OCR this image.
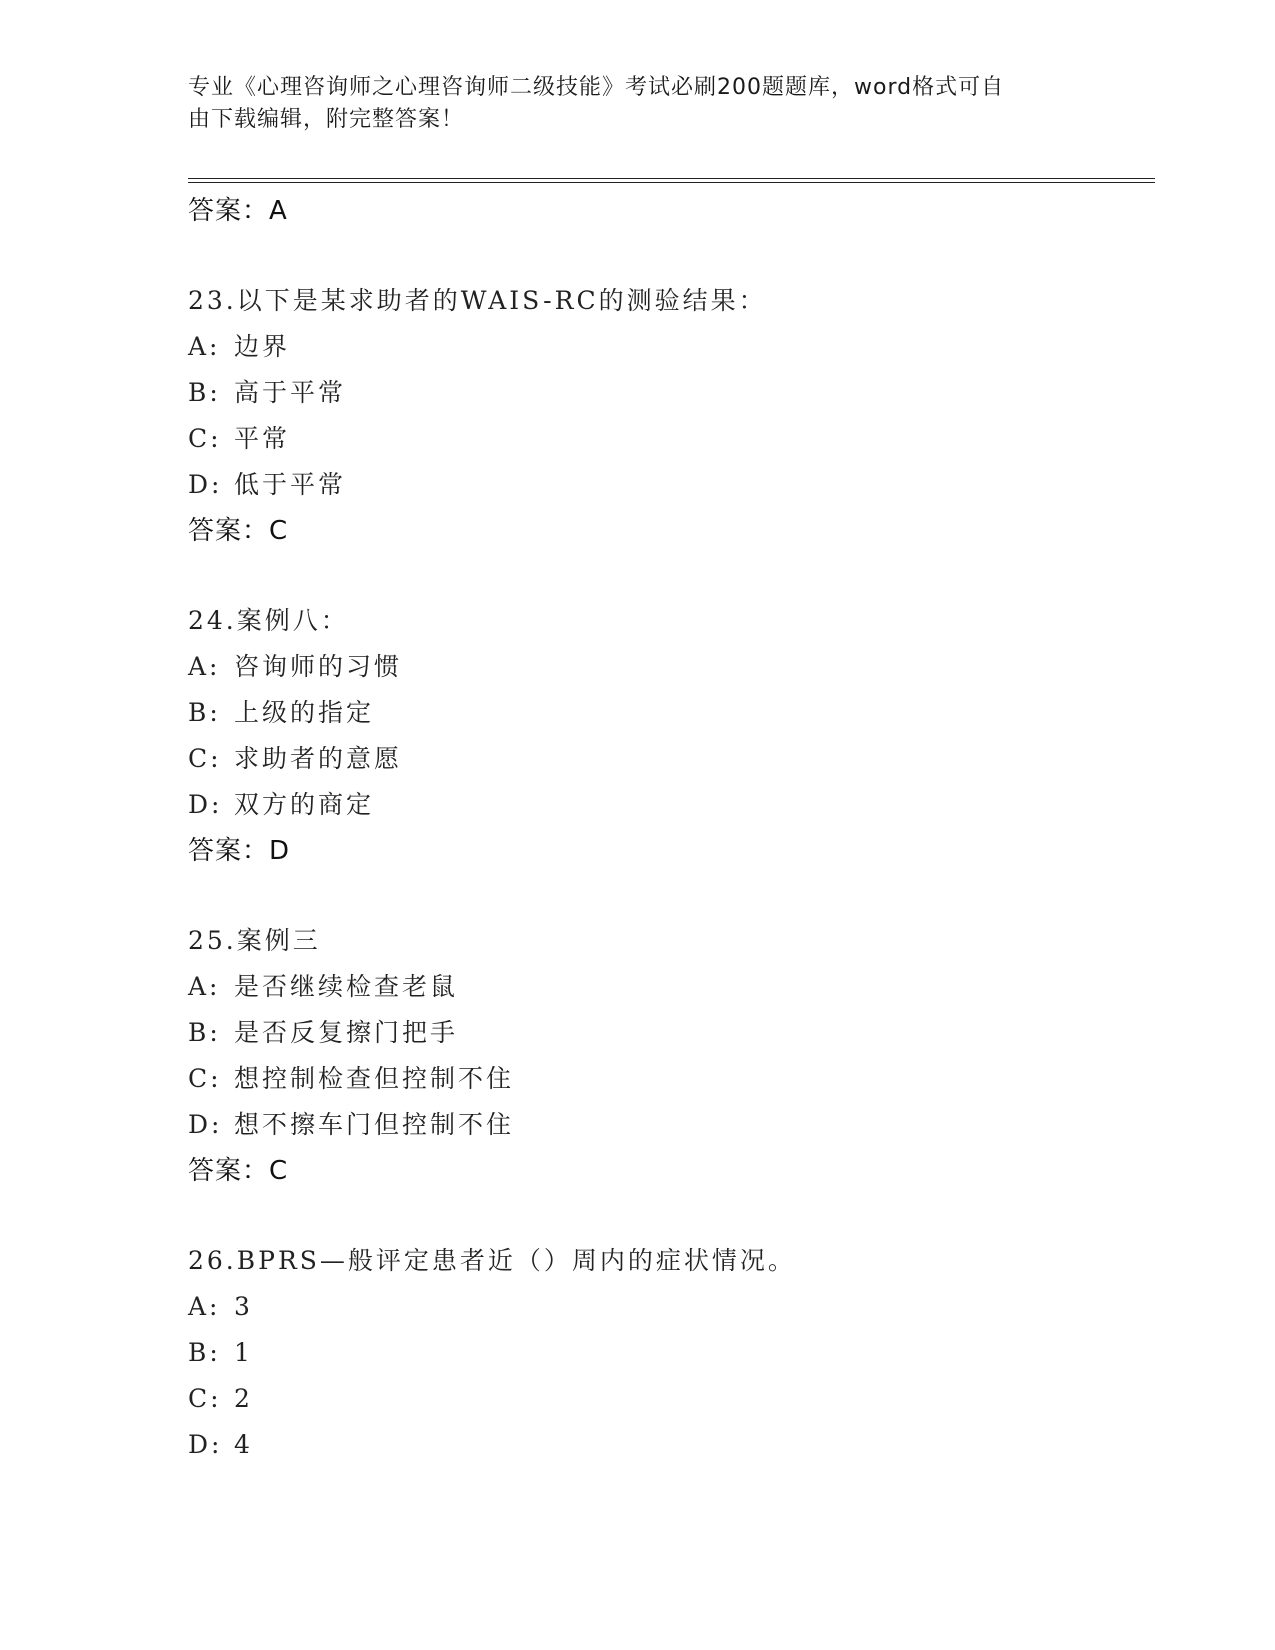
专业《心理咨询师之心理咨询师二级技能》考试必刷200题题库，word格式可自
由下载编辑，附完整答案！
答案：A
23.以下是某求助者的WAIS-RC的测验结果：
A: 边界
B: 高于平常
C: 平常
D: 低于平常
答案：C
24.案例八：
A: 咨询师的习惯
B: 上级的指定
C: 求助者的意愿
D: 双方的商定
答案：D
25.案例三
A: 是否继续检查老鼠
B: 是否反复擦门把手
C: 想控制检查但控制不住
D: 想不擦车门但控制不住
答案：C
26.BPRS—般评定患者近（）周内的症状情况。
A: 3
B: 1
C: 2
D: 4
